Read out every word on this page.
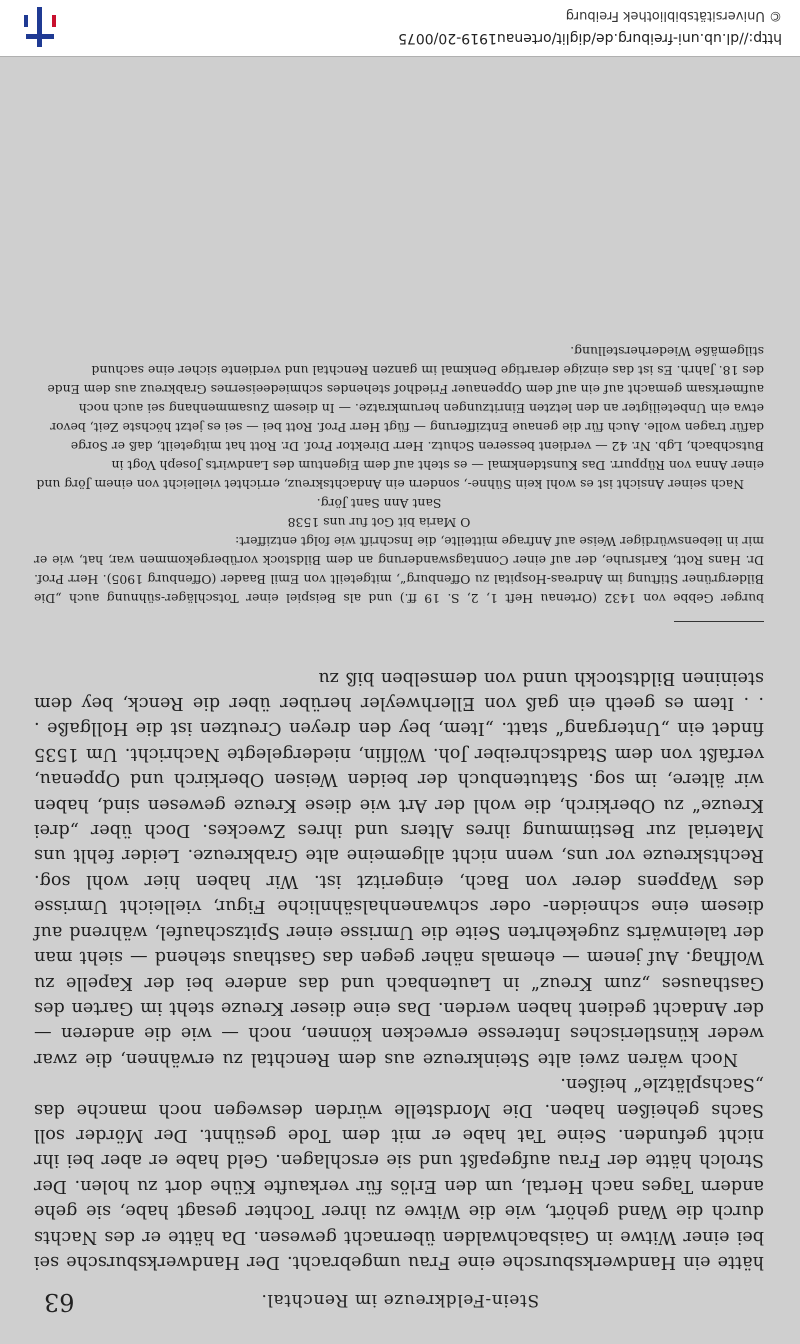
Stein-Feldkreuze im Renchtal.
63

hätte ein Handwerksbursche eine Frau umgebracht. Der Handwerksbursche sei bei einer Witwe in Gaisbachwalden übernacht gewesen. Da hätte er des Nachts durch die Wand gehört, wie die Witwe zu ihrer Tochter gesagt habe, sie gehe andern Tages nach Hertal, um den Erlös für verkaufte Kühe dort zu holen. Der Strolch hätte der Frau aufgepaßt und sie erschlagen. Geld habe er aber bei ihr nicht gefunden. Seine Tat habe er mit dem Tode gesühnt. Der Mörder soll Sachs geheißen haben. Die Mordstelle würden deswegen noch manche das „Sachsplätzle“ heißen.

Noch wären zwei alte Steinkreuze aus dem Renchtal zu erwähnen, die zwar weder künstlerisches Interesse erwecken können, noch — wie die anderen — der Andacht gedient haben werden. Das eine dieser Kreuze steht im Garten des Gasthauses „zum Kreuz“ in Lautenbach und das andere bei der Kapelle zu Wolfhag. Auf jenem — ehemals näher gegen das Gasthaus stehend — sieht man der taleinwärts zugekehrten Seite die Umrisse einer Spitzschaufel, während auf diesem eine schneiden- oder schwanenhalsähnliche Figur, vielleicht Umrisse des Wappens derer von Bach, eingeritzt ist. Wir haben hier wohl sog. Rechtskreuze vor uns, wenn nicht allgemeine alte Grabkreuze. Leider fehlt uns Material zur Bestimmung ihres Alters und ihres Zweckes. Doch über „drei Kreuze“ zu Oberkirch, die wohl der Art wie diese Kreuze gewesen sind, haben wir ältere, im sog. Statutenbuch der beiden Weisen Oberkirch und Oppenau, verfaßt von dem Stadtschreiber Joh. Wölflin, niedergelegte Nachricht. Um 1535 findet ein „Untergang“ statt. „Item, bey den dreyen Creutzen ist die Hollgaße . . . Item es geeth ein gaß von Ellerhweyler herüber über die Renck, bey dem steininen Bildtstockh unnd von demselben biß zu

burger Gebbe von 1432 (Ortenau Heft 1, 2, S. 19 ff.) und als Beispiel einer Totschläger-sühnung auch „Die Bildergrüner Stiftung im Andreas-Hospital zu Offenburg“, mitgeteilt von Emil Baader (Offenburg 1905). Herr Prof. Dr. Hans Rott, Karlsruhe, der auf einer Conntagswanderung an dem Bildstock vorübergekommen war, hat, wie er mir in liebenswürdiger Weise auf Anfrage mitteilte, die Inschrift wie folgt entziffert:

O Maria bit Got fur uns 1538

Sant Ann Sant Jörg.

Nach seiner Ansicht ist es wohl kein Sühne-, sondern ein Andachtskreuz, errichtet vielleicht von einem Jörg und einer Anna von Rüppurr. Das Kunstdenkmal — es steht auf dem Eigentum des Landwirts Joseph Vogt in Butschbach, Lgb. Nr. 42 — verdient besseren Schutz. Herr Direktor Prof. Dr. Rott hat mitgeteilt, daß er Sorge dafür tragen wolle. Auch für die genaue Entzifferung — fügt Herr Prof. Rott bei — sei es jetzt höchste Zeit, bevor etwa ein Unbeteiligter an den letzten Einritzungen herumkratze. — In diesem Zusammenhang sei auch noch aufmerksam gemacht auf ein auf dem Oppenauer Friedhof stehendes schmiedeeisernes Grabkreuz aus dem Ende des 18. Jahrh. Es ist das einzige derartige Denkmal im ganzen Renchtal und verdiente sicher eine sachund stilgemäße Wiederherstellung.

http://dl.ub.uni-freiburg.de/diglit/ortenau1919-20/0075
© Universitätsbibliothek Freiburg
